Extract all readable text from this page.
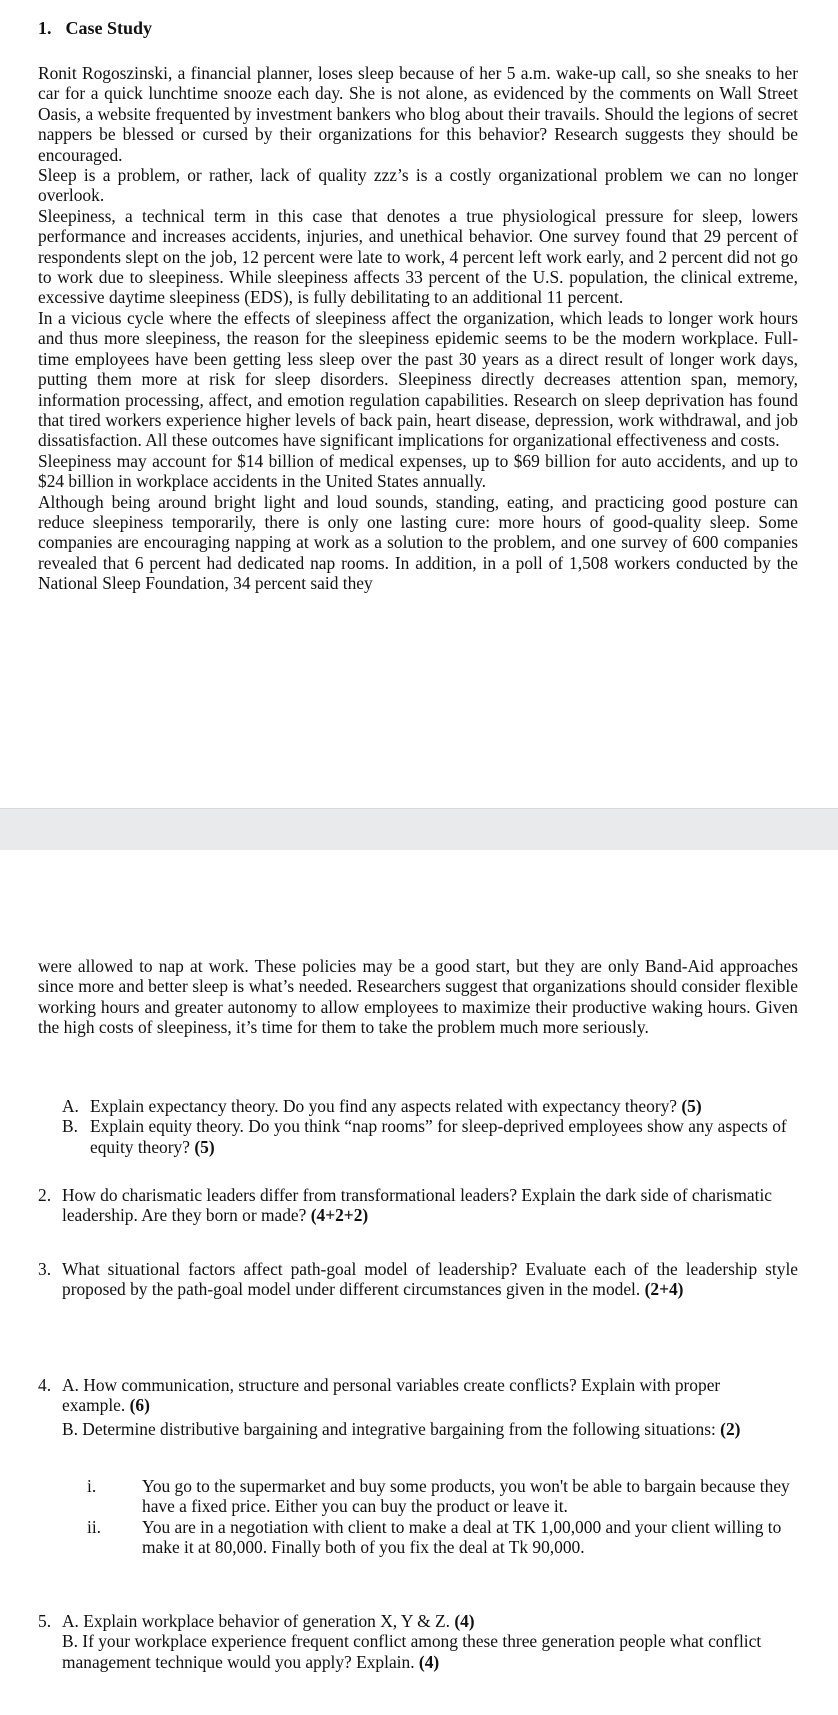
1. Case Study

Ronit Rogoszinski, a financial planner, loses sleep because of her 5 a.m. wake-up call, so she sneaks to her car for a quick lunchtime snooze each day. She is not alone, as evidenced by the comments on Wall Street Oasis, a website frequented by investment bankers who blog about their travails. Should the legions of secret nappers be blessed or cursed by their organizations for this behavior? Research suggests they should be encouraged.

Sleep is a problem, or rather, lack of quality zzz’s is a costly organizational problem we can no longer overlook.

Sleepiness, a technical term in this case that denotes a true physiological pressure for sleep, lowers performance and increases accidents, injuries, and unethical behavior. One survey found that 29 percent of respondents slept on the job, 12 percent were late to work, 4 percent left work early, and 2 percent did not go to work due to sleepiness. While sleepiness affects 33 percent of the U.S. population, the clinical extreme, excessive daytime sleepiness (EDS), is fully debilitating to an additional 11 percent.

In a vicious cycle where the effects of sleepiness affect the organization, which leads to longer work hours and thus more sleepiness, the reason for the sleepiness epidemic seems to be the modern workplace. Full-time employees have been getting less sleep over the past 30 years as a direct result of longer work days, putting them more at risk for sleep disorders. Sleepiness directly decreases attention span, memory, information processing, affect, and emotion regulation capabilities. Research on sleep deprivation has found that tired workers experience higher levels of back pain, heart disease, depression, work withdrawal, and job dissatisfaction. All these outcomes have significant implications for organizational effectiveness and costs.

Sleepiness may account for $14 billion of medical expenses, up to $69 billion for auto accidents, and up to $24 billion in workplace accidents in the United States annually.

Although being around bright light and loud sounds, standing, eating, and practicing good posture can reduce sleepiness temporarily, there is only one lasting cure: more hours of good-quality sleep. Some companies are encouraging napping at work as a solution to the problem, and one survey of 600 companies revealed that 6 percent had dedicated nap rooms. In addition, in a poll of 1,508 workers conducted by the National Sleep Foundation, 34 percent said they

were allowed to nap at work. These policies may be a good start, but they are only Band-Aid approaches since more and better sleep is what’s needed. Researchers suggest that organizations should consider flexible working hours and greater autonomy to allow employees to maximize their productive waking hours. Given the high costs of sleepiness, it’s time for them to take the problem much more seriously.

A. Explain expectancy theory. Do you find any aspects related with expectancy theory? (5)
B. Explain equity theory. Do you think “nap rooms” for sleep-deprived employees show any aspects of equity theory? (5)
2. How do charismatic leaders differ from transformational leaders? Explain the dark side of charismatic leadership. Are they born or made? (4+2+2)
3. What situational factors affect path-goal model of leadership? Evaluate each of the leadership style proposed by the path-goal model under different circumstances given in the model. (2+4)
4. A. How communication, structure and personal variables create conflicts? Explain with proper example. (6)
B. Determine distributive bargaining and integrative bargaining from the following situations: (2)
i.	You go to the supermarket and buy some products, you won't be able to bargain because they have a fixed price. Either you can buy the product or leave it.
ii. You are in a negotiation with client to make a deal at TK 1,00,000 and your client willing to make it at 80,000. Finally both of you fix the deal at Tk 90,000.
5. A. Explain workplace behavior of generation X, Y & Z. (4)
B. If your workplace experience frequent conflict among these three generation people what conflict management technique would you apply? Explain. (4)
